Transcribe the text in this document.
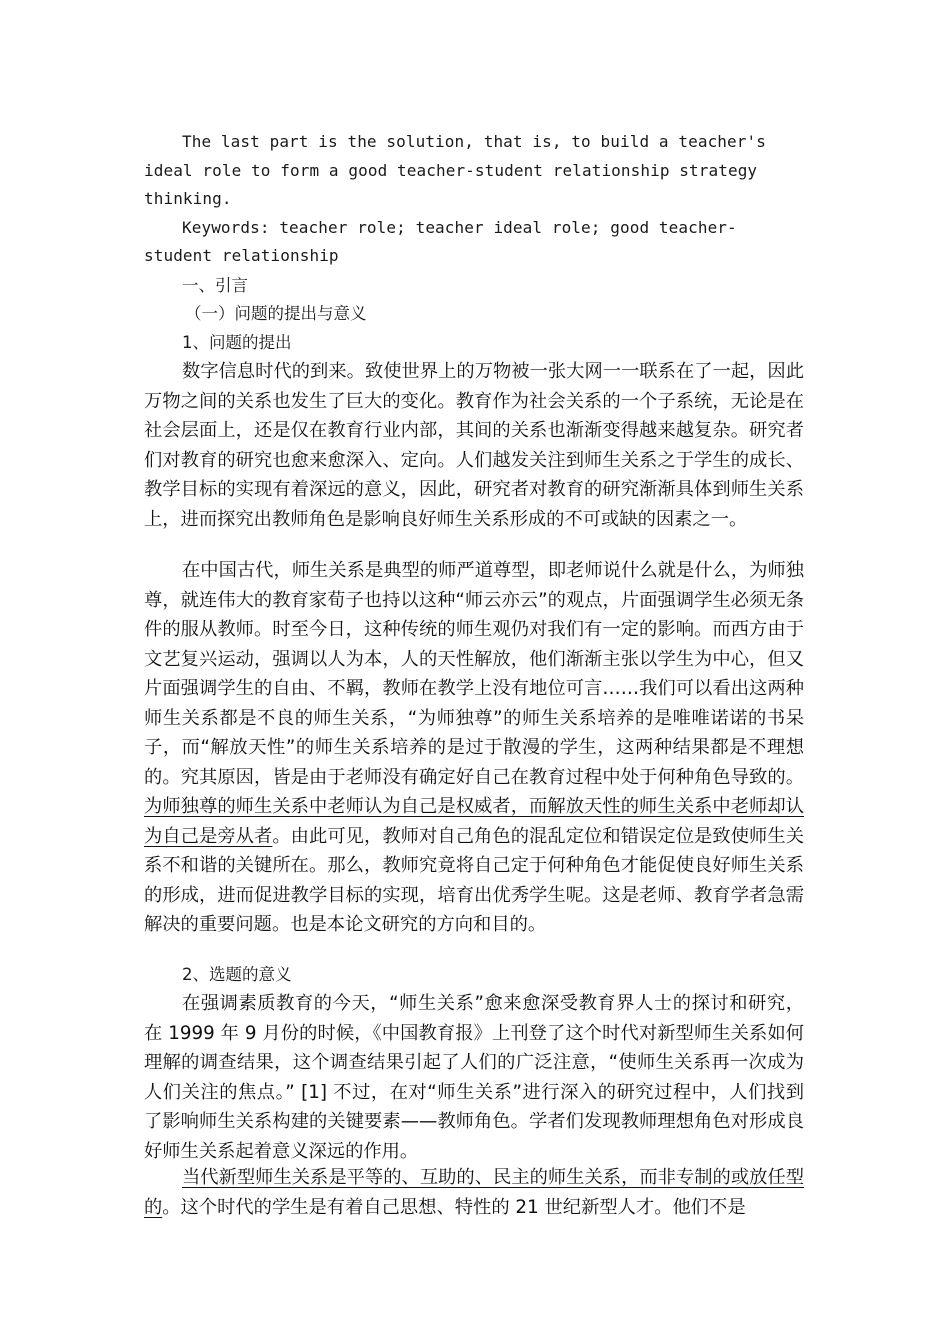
The last part is the solution, that is, to build a teacher's ideal role to form a good teacher-student relationship strategy thinking.

Keywords: teacher role; teacher ideal role; good teacher-student relationship

一、引言

（一）问题的提出与意义

1、问题的提出

数字信息时代的到来。致使世界上的万物被一张大网一一联系在了一起，因此万物之间的关系也发生了巨大的变化。教育作为社会关系的一个子系统，无论是在社会层面上，还是仅在教育行业内部，其间的关系也渐渐变得越来越复杂。研究者们对教育的研究也愈来愈深入、定向。人们越发关注到师生关系之于学生的成长、教学目标的实现有着深远的意义，因此，研究者对教育的研究渐渐具体到师生关系上，进而探究出教师角色是影响良好师生关系形成的不可或缺的因素之一。

在中国古代，师生关系是典型的师严道尊型，即老师说什么就是什么，为师独尊，就连伟大的教育家荀子也持以这种“师云亦云”的观点，片面强调学生必须无条件的服从教师。时至今日，这种传统的师生观仍对我们有一定的影响。而西方由于文艺复兴运动，强调以人为本，人的天性解放，他们渐渐主张以学生为中心，但又片面强调学生的自由、不羁，教师在教学上没有地位可言……我们可以看出这两种师生关系都是不良的师生关系，“为师独尊”的师生关系培养的是唯唯诺诺的书呆子，而“解放天性”的师生关系培养的是过于散漫的学生，这两种结果都是不理想的。究其原因，皆是由于老师没有确定好自己在教育过程中处于何种角色导致的。为师独尊的师生关系中老师认为自己是权威者，而解放天性的师生关系中老师却认为自己是旁从者。由此可见，教师对自己角色的混乱定位和错误定位是致使师生关系不和谐的关键所在。那么，教师究竟将自己定于何种角色才能促使良好师生关系的形成，进而促进教学目标的实现，培育出优秀学生呢。这是老师、教育学者急需解决的重要问题。也是本论文研究的方向和目的。

2、选题的意义

在强调素质教育的今天，“师生关系”愈来愈深受教育界人士的探讨和研究，在 1999 年 9 月份的时候，《中国教育报》上刊登了这个时代对新型师生关系如何理解的调查结果，这个调查结果引起了人们的广泛注意，“使师生关系再一次成为人们关注的焦点。” [1] 不过，在对“师生关系”进行深入的研究过程中，人们找到了影响师生关系构建的关键要素——教师角色。学者们发现教师理想角色对形成良好师生关系起着意义深远的作用。

当代新型师生关系是平等的、互助的、民主的师生关系，而非专制的或放任型的。这个时代的学生是有着自己思想、特性的 21 世纪新型人才。他们不是
